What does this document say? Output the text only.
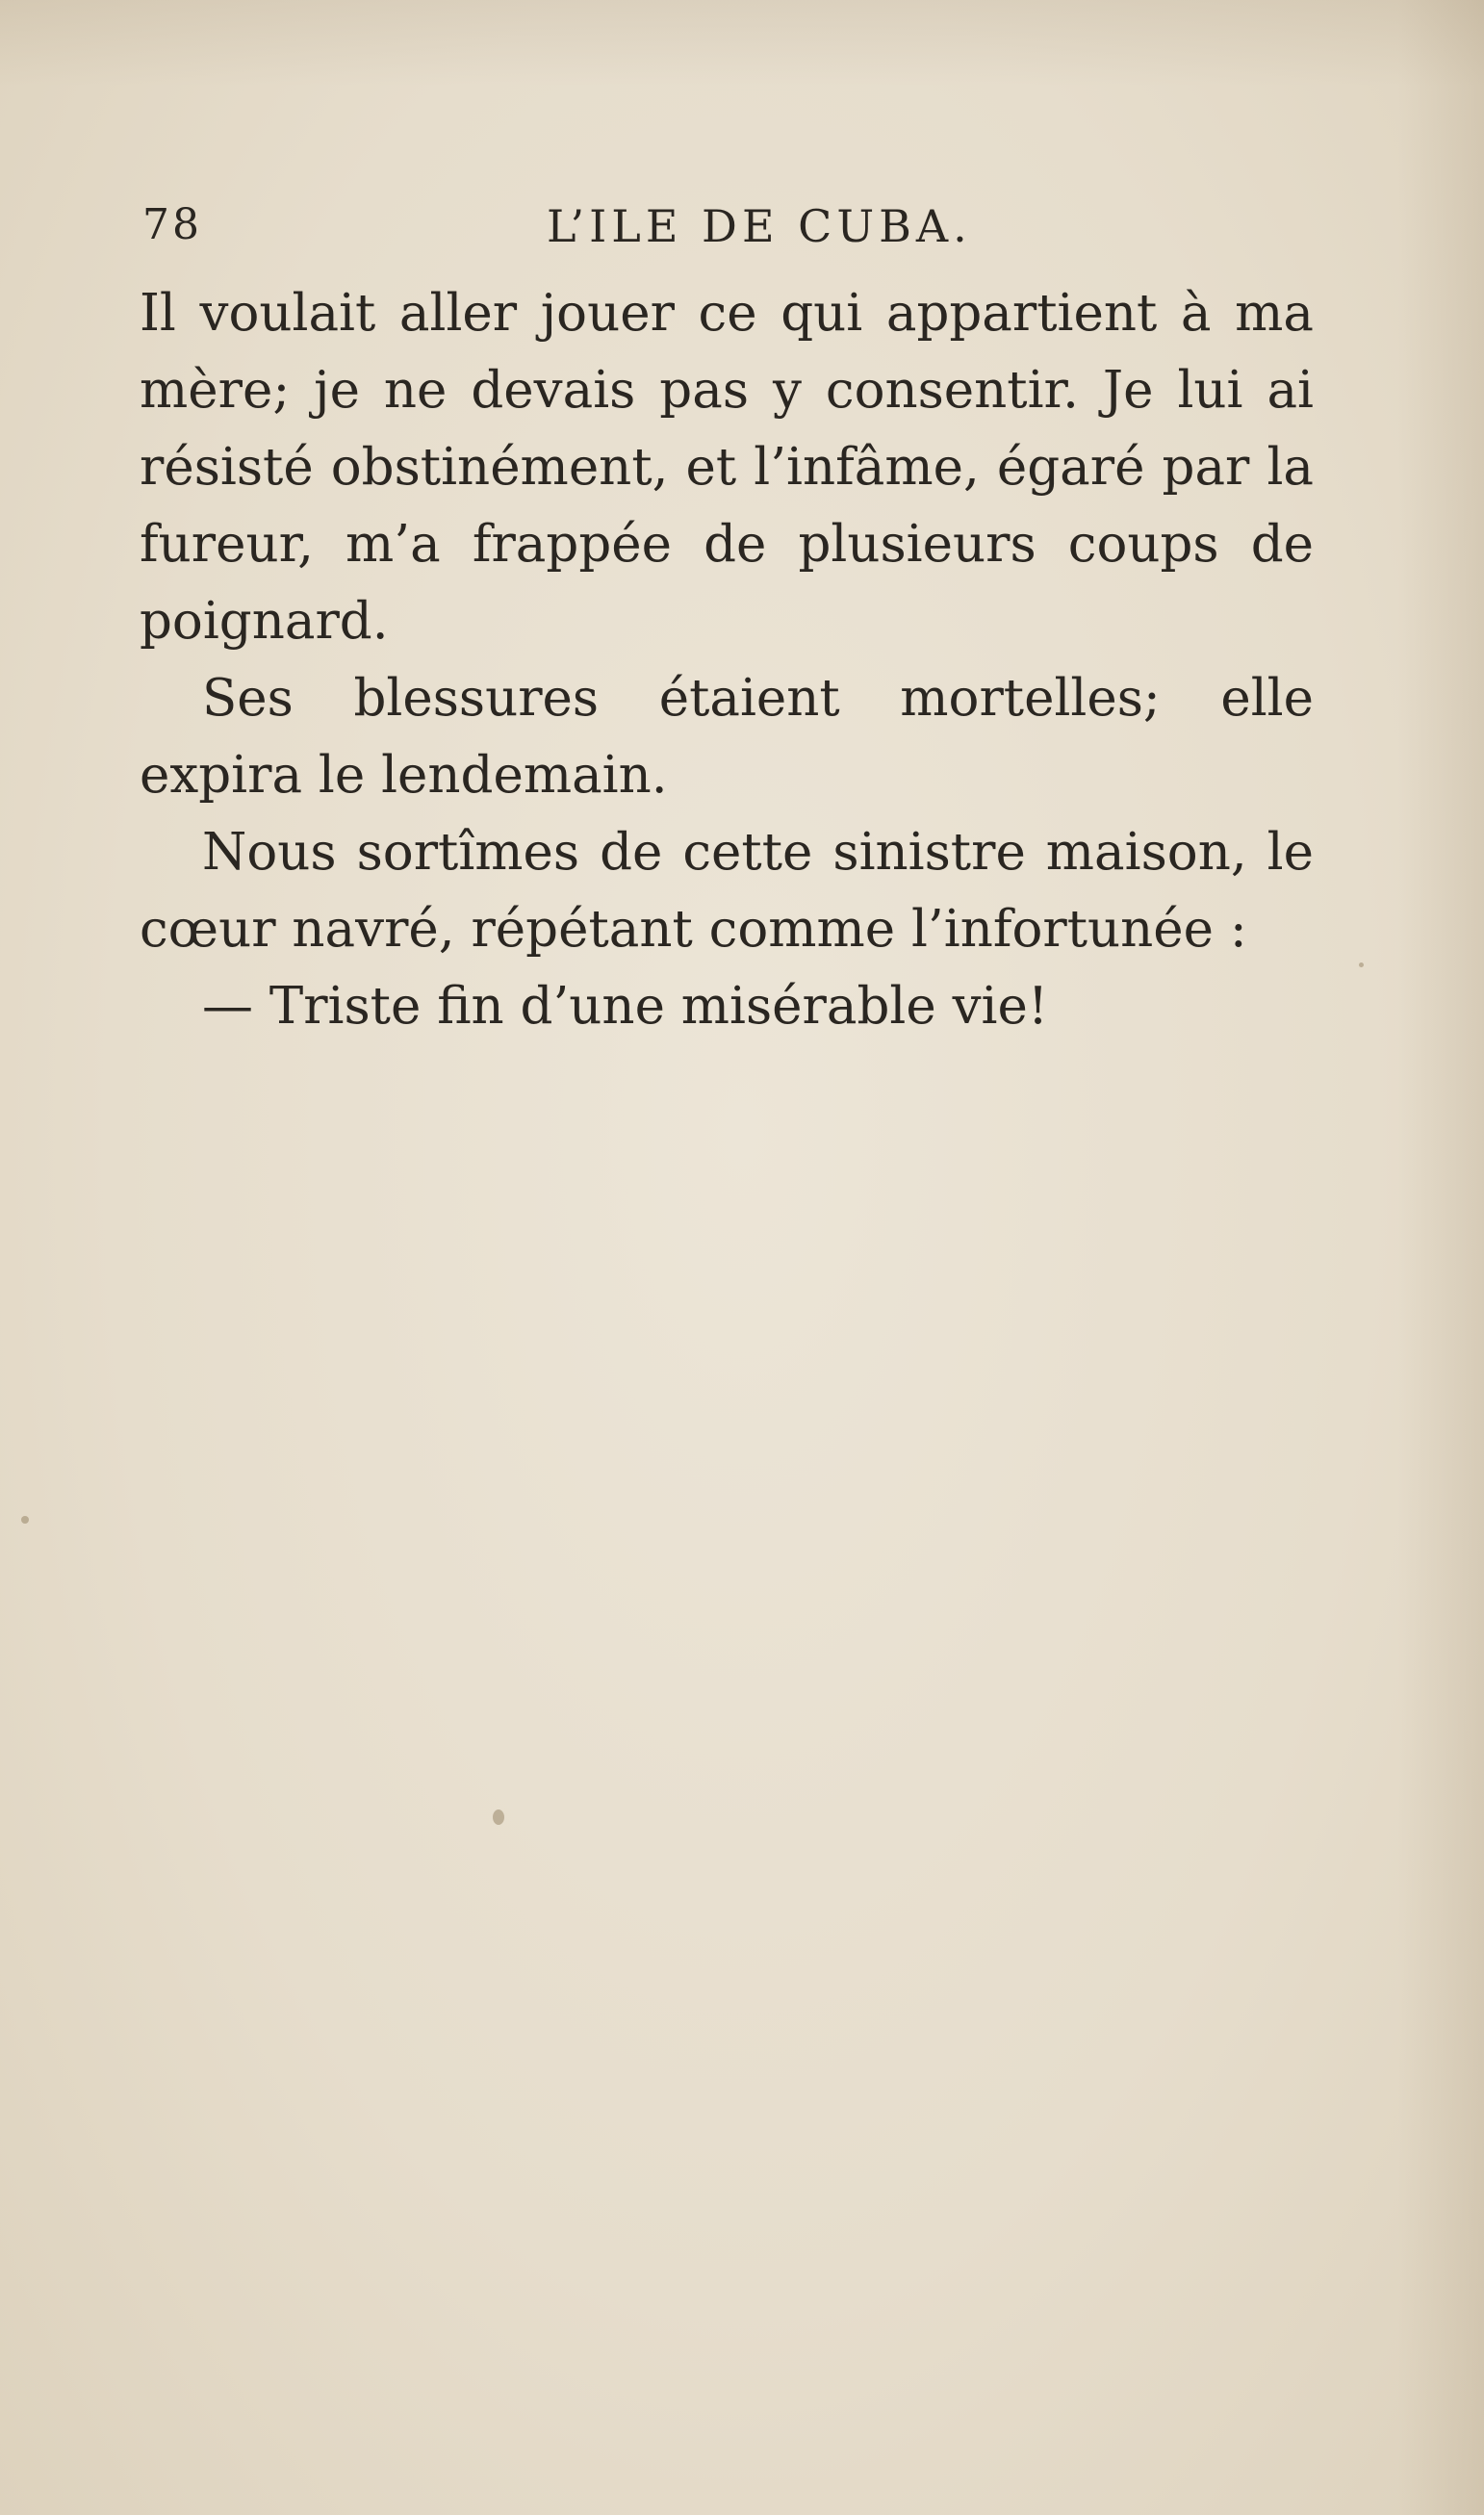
78	L’ILE DE CUBA.

Il voulait aller jouer ce qui appartient à ma mère; je ne devais pas y consentir. Je lui ai résisté obstinément, et l’infâme, égaré par la fureur, m’a frappée de plusieurs coups de poignard.

Ses blessures étaient mortelles; elle expira le lendemain.

Nous sortîmes de cette sinistre maison, le cœur navré, répétant comme l’infortunée :

— Triste fin d’une misérable vie!
